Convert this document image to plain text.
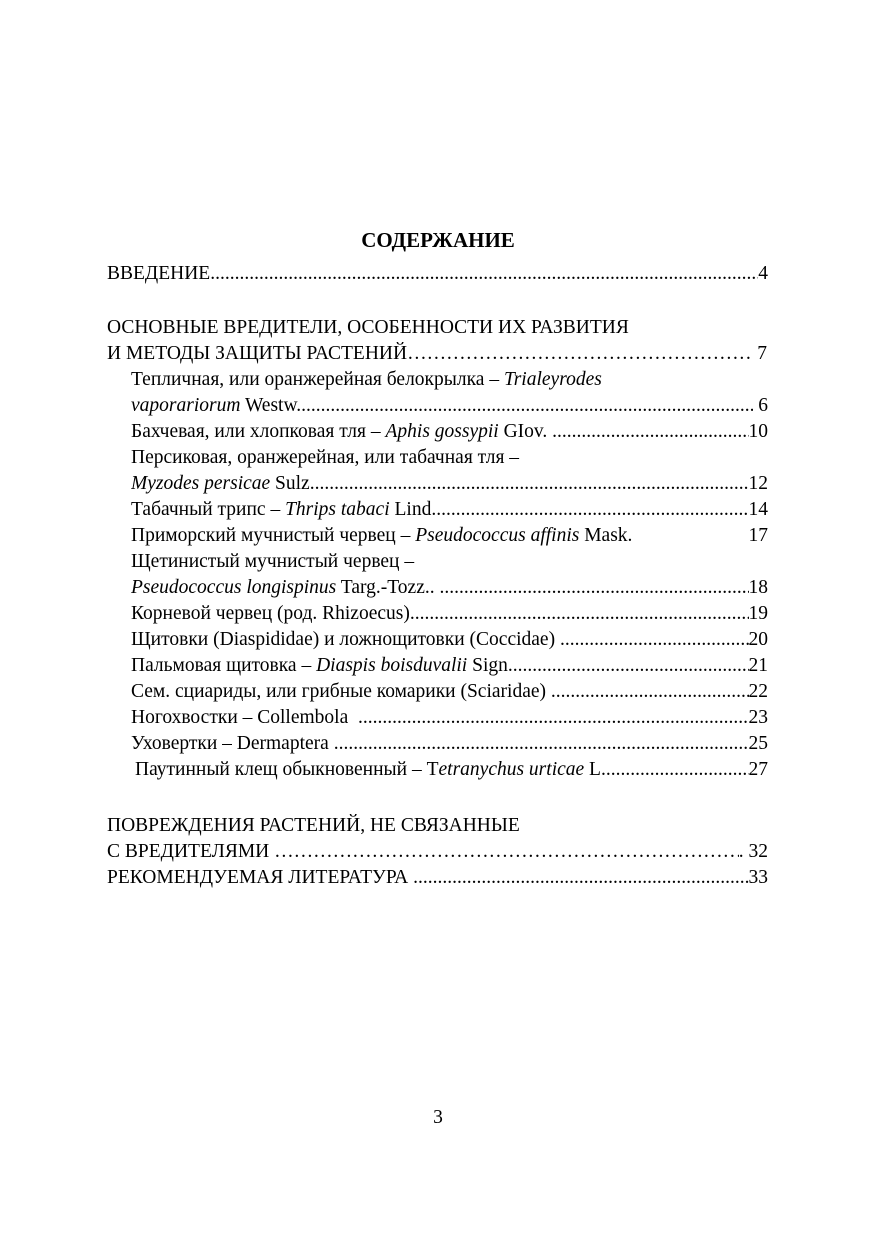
СОДЕРЖАНИЕ
ВВЕДЕНИЕ .....	4
ОСНОВНЫЕ ВРЕДИТЕЛИ, ОСОБЕННОСТИ ИХ РАЗВИТИЯ
И МЕТОДЫ ЗАЩИТЫ РАСТЕНИЙ …………………………………………………………………………………………	7
Тепличная, или оранжерейная белокрылка – Trialeyrodes
vaporariorum Westw. .....	6
Бахчевая, или хлопковая тля – Aphis gossypii GIov. .....	10
Персиковая, оранжерейная, или табачная тля –
Myzodes persicae Sulz. .....	12
Табачный трипс – Thrips tabaci Lind. .....	14
Приморский мучнистый червец – Pseudococcus affinis Mask.	17
Щетинистый мучнистый червец –
Pseudococcus longispinus Targ.-Tozz.. .....	18
Корневой червец (род. Rhizoecus) .....	19
Щитовки (Diaspididae) и ложнощитовки (Coccidae) .....	20
Пальмовая щитовка – Diaspis boisduvalii Sign. .....	21
Сем. сциариды, или грибные комарики (Sciaridae) .....	22
Ногохвостки – Collembola .....	23
Уховертки – Dermaptera .....	25
Паутинный клещ обыкновенный – Tetranychus urticae L .....	27
ПОВРЕЖДЕНИЯ РАСТЕНИЙ, НЕ СВЯЗАННЫЕ
С ВРЕДИТЕЛЯМИ …………………………………………………………………………………………	. 32
РЕКОМЕНДУЕМАЯ ЛИТЕРАТУРА .....	33
3
